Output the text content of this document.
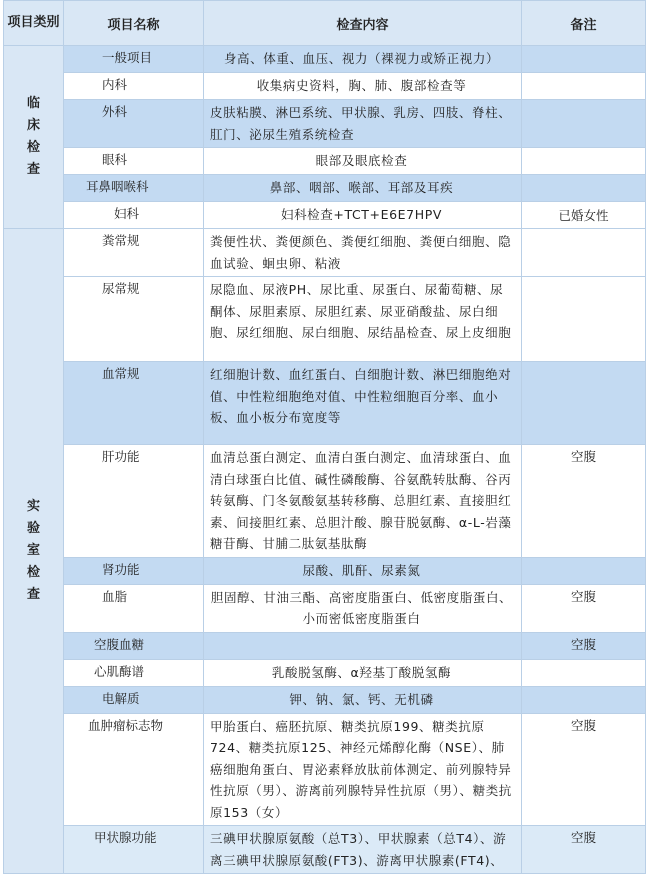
项目类别	项目名称	检查内容	备注

临
床
检
查	一般项目	身高、体重、血压、视力（裸视力或矫正视力）	
	内科	收集病史资料，胸、肺、腹部检查等	
	外科	皮肤粘膜、淋巴系统、甲状腺、乳房、四肢、脊柱、肛门、泌尿生殖系统检查	
	眼科	眼部及眼底检查	
	耳鼻咽喉科	鼻部、咽部、喉部、耳部及耳疾	
	妇科	妇科检查+TCT+E6E7HPV	已婚女性

实
验
室
检
查	粪常规	粪便性状、粪便颜色、粪便红细胞、粪便白细胞、隐血试验、蛔虫卵、粘液	
	尿常规	尿隐血、尿液PH、尿比重、尿蛋白、尿葡萄糖、尿酮体、尿胆素原、尿胆红素、尿亚硝酸盐、尿白细胞、尿红细胞、尿白细胞、尿结晶检查、尿上皮细胞	
	血常规	红细胞计数、血红蛋白、白细胞计数、淋巴细胞绝对值、中性粒细胞绝对值、中性粒细胞百分率、血小板、血小板分布宽度等	
	肝功能	血清总蛋白测定、血清白蛋白测定、血清球蛋白、血清白球蛋白比值、碱性磷酸酶、谷氨酰转肽酶、谷丙转氨酶、门冬氨酸氨基转移酶、总胆红素、直接胆红素、间接胆红素、总胆汁酸、腺苷脱氨酶、α-L-岩藻糖苷酶、甘脯二肽氨基肽酶	空腹
	肾功能	尿酸、肌酐、尿素氮	
	血脂	胆固醇、甘油三酯、高密度脂蛋白、低密度脂蛋白、小而密低密度脂蛋白	空腹
	空腹血糖		空腹
	心肌酶谱	乳酸脱氢酶、α羟基丁酸脱氢酶	
	电解质	钾、钠、氯、钙、无机磷	
	血肿瘤标志物	甲胎蛋白、癌胚抗原、糖类抗原199、糖类抗原724、糖类抗原125、神经元烯醇化酶（NSE）、肺癌细胞角蛋白、胃泌素释放肽前体测定、前列腺特异性抗原（男）、游离前列腺特异性抗原（男）、糖类抗原153（女）	空腹
	甲状腺功能	三碘甲状腺原氨酸（总T3）、甲状腺素（总T4）、游离三碘甲状腺原氨酸(FT3)、游离甲状腺素(FT4)、	空腹
